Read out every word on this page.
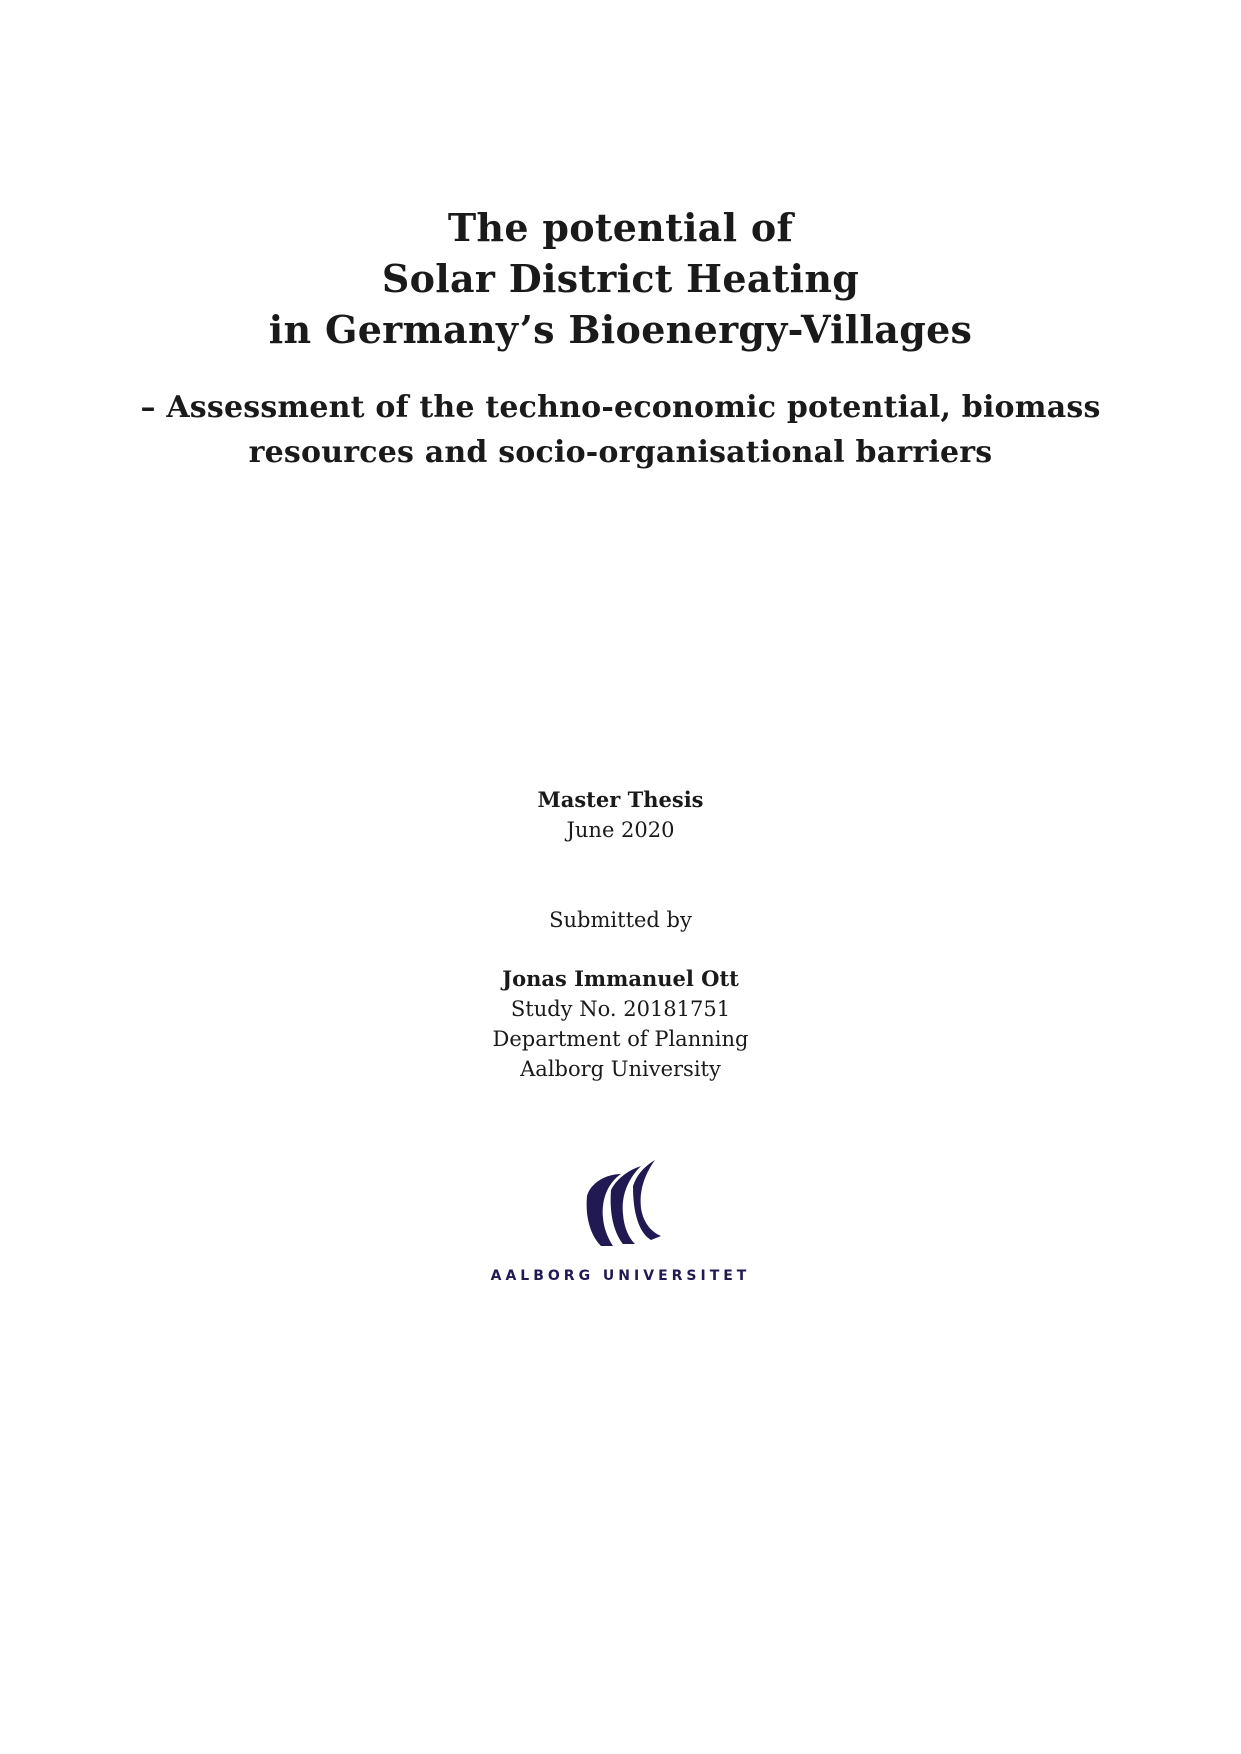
The potential of
Solar District Heating
in Germany’s Bioenergy-Villages
– Assessment of the techno-economic potential, biomass
resources and socio-organisational barriers
Master Thesis
June 2020
Submitted by
Jonas Immanuel Ott
Study No. 20181751
Department of Planning
Aalborg University
AALBORG UNIVERSITET
